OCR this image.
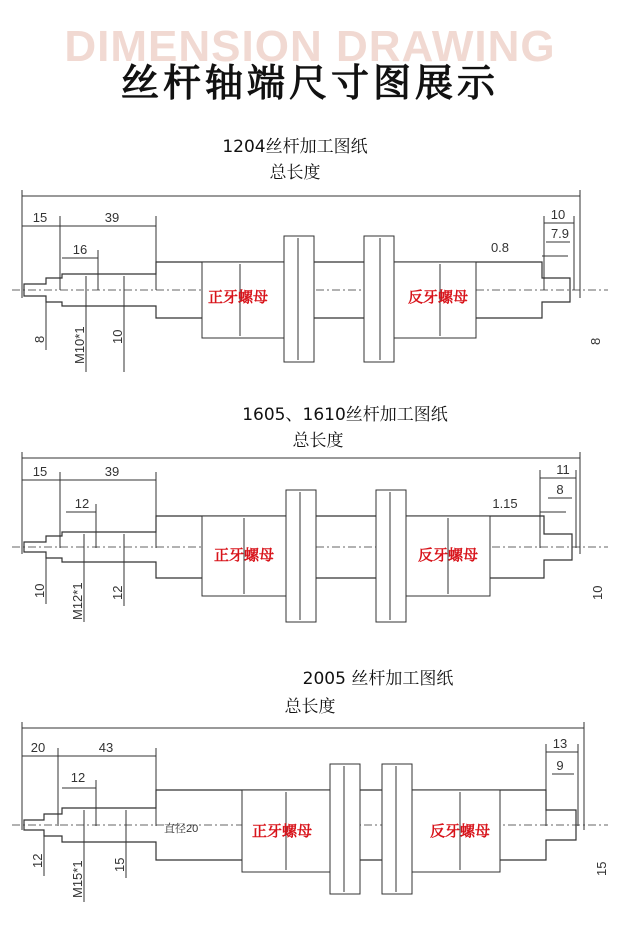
DIMENSION DRAWING
丝杆轴端尺寸图展示
1204丝杆加工图纸
总长度
15	39
16
10
7.9
0.8
正牙螺母	反牙螺母
8 M10*1 10	8
1605、1610丝杆加工图纸
总长度
15	39
12
11
8
1.15
正牙螺母	反牙螺母
10 M12*1 12	10
2005 丝杆加工图纸
总长度
20	43
12
13
9
直径20	正牙螺母	反牙螺母
12 M15*1 15	15
